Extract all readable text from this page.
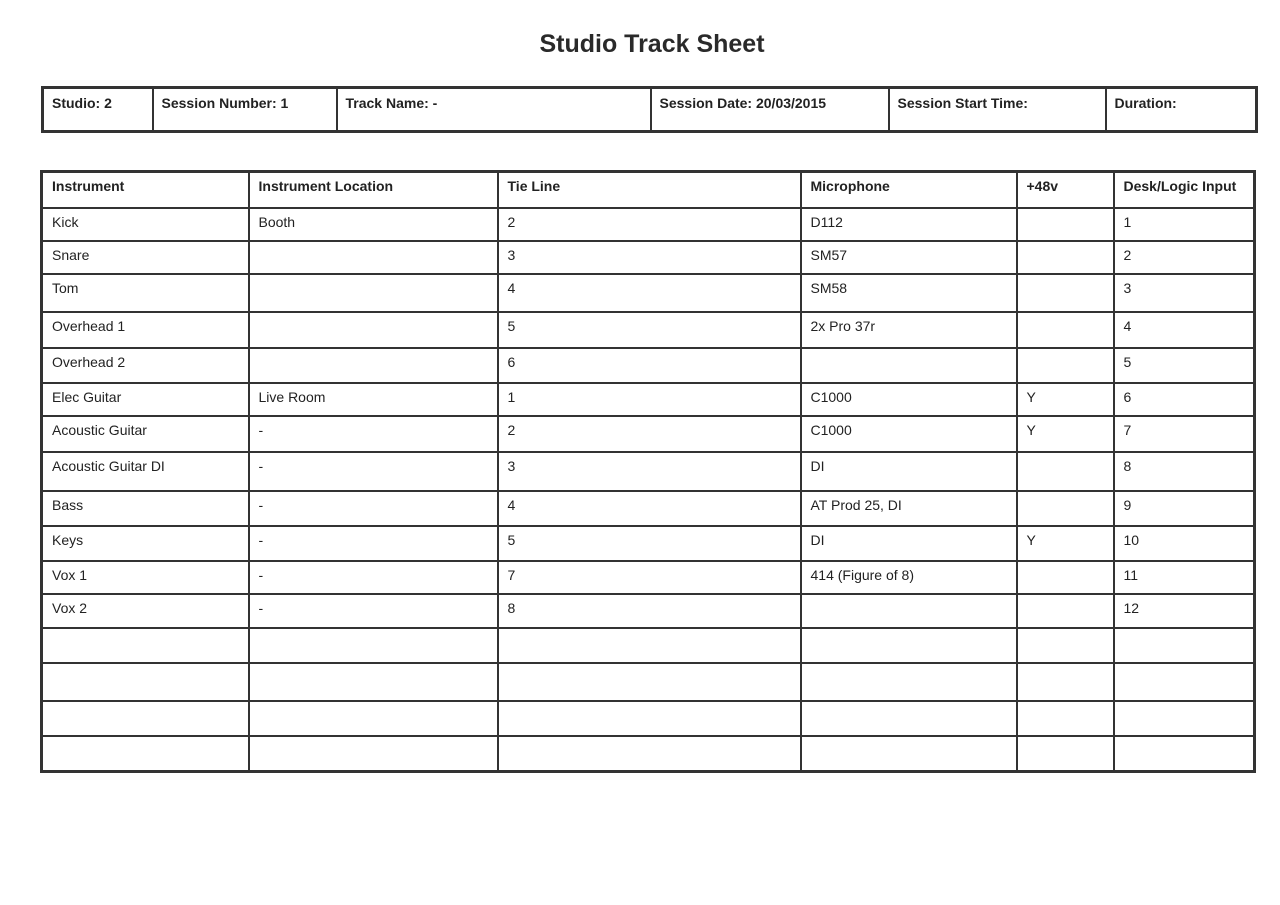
Studio Track Sheet
Studio: 2	Session Number: 1	Track Name: -	Session Date: 20/03/2015	Session Start Time:	Duration:
Instrument	Instrument Location	Tie Line	Microphone	+48v	Desk/Logic Input
Kick	Booth	2	D112		1
Snare		3	SM57		2
Tom		4	SM58		3
Overhead 1		5	2x Pro 37r		4
Overhead 2		6			5
Elec Guitar	Live Room	1	C1000	Y	6
Acoustic Guitar	-	2	C1000	Y	7
Acoustic Guitar DI	-	3	DI		8
Bass	-	4	AT Prod 25, DI		9
Keys	-	5	DI	Y	10
Vox 1	-	7	414 (Figure of 8)		11
Vox 2	-	8			12
